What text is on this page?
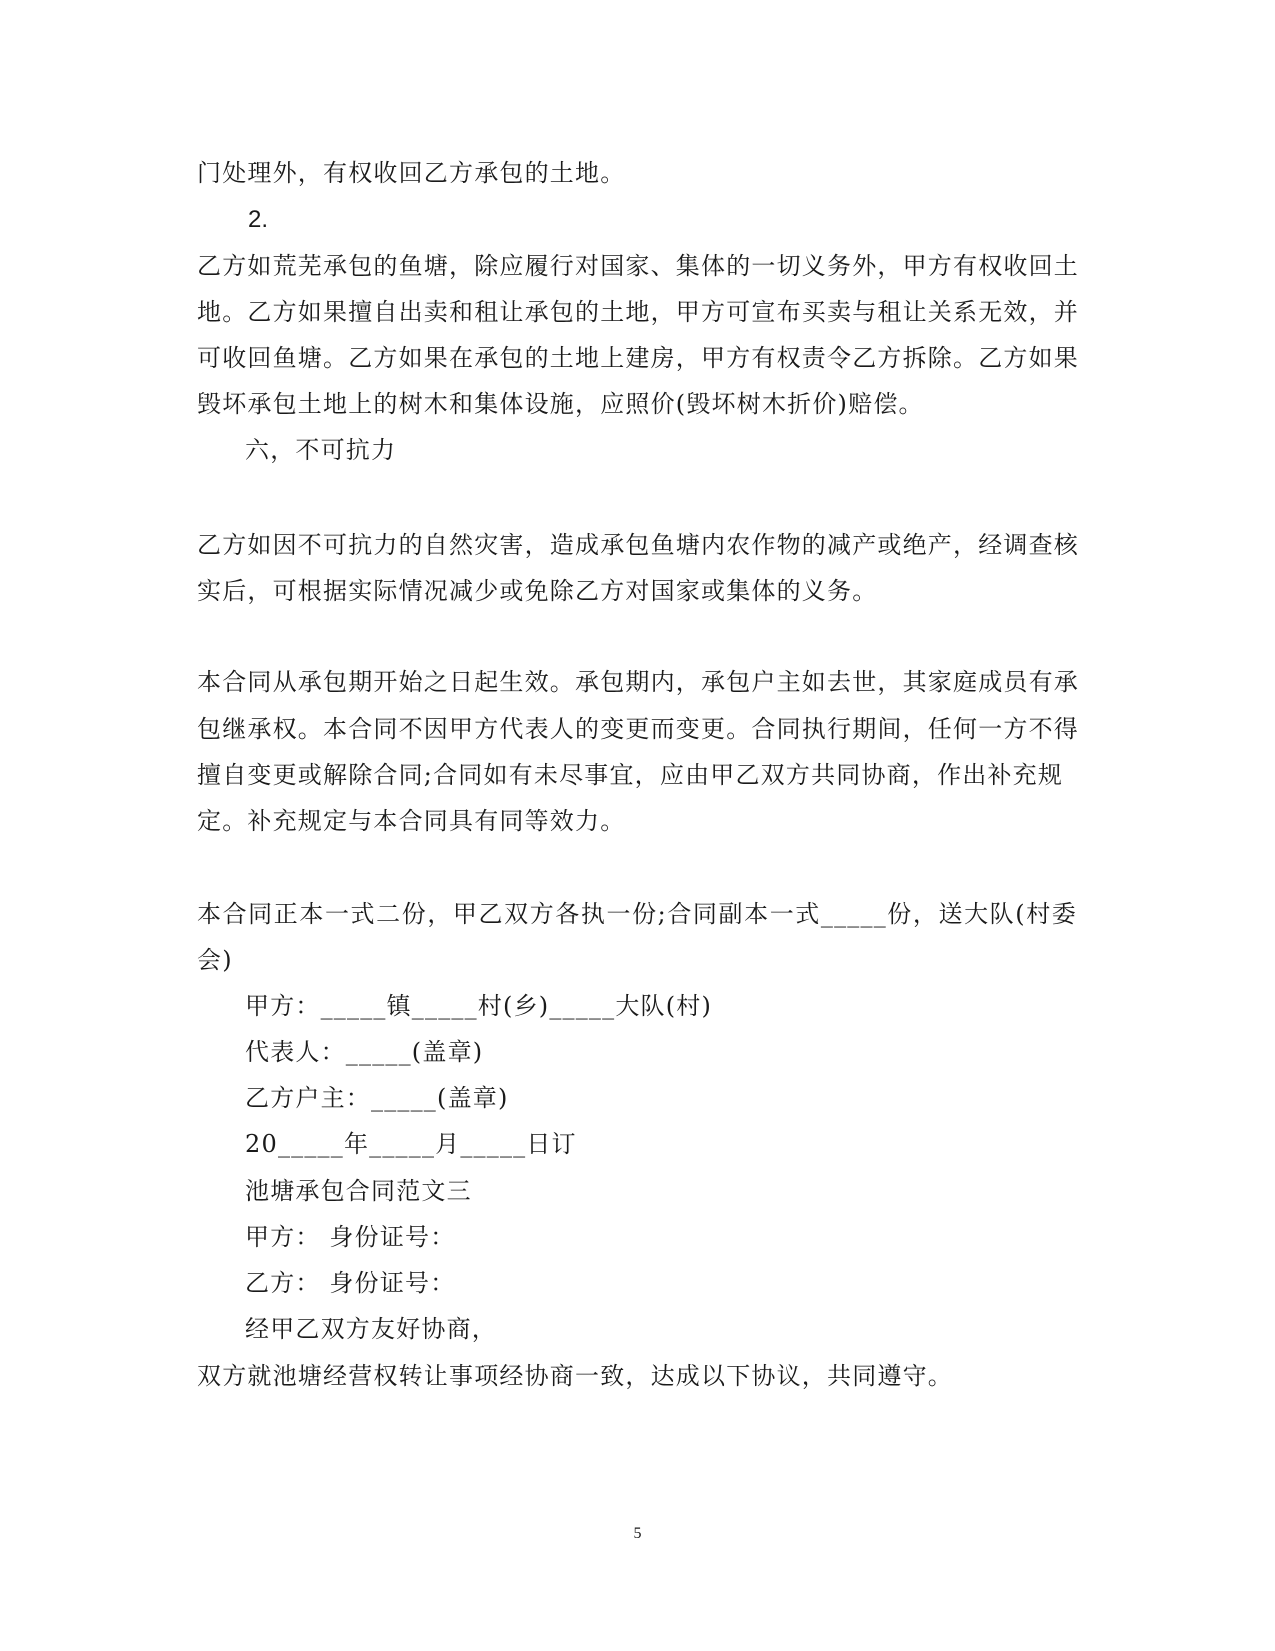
门处理外，有权收回乙方承包的土地。
2.
乙方如荒芜承包的鱼塘，除应履行对国家、集体的一切义务外，甲方有权收回土
地。乙方如果擅自出卖和租让承包的土地，甲方可宣布买卖与租让关系无效，并
可收回鱼塘。乙方如果在承包的土地上建房，甲方有权责令乙方拆除。乙方如果
毁坏承包土地上的树木和集体设施，应照价(毁坏树木折价)赔偿。
六，不可抗力
乙方如因不可抗力的自然灾害，造成承包鱼塘内农作物的减产或绝产，经调查核
实后，可根据实际情况减少或免除乙方对国家或集体的义务。
本合同从承包期开始之日起生效。承包期内，承包户主如去世，其家庭成员有承
包继承权。本合同不因甲方代表人的变更而变更。合同执行期间，任何一方不得
擅自变更或解除合同;合同如有未尽事宜，应由甲乙双方共同协商，作出补充规
定。补充规定与本合同具有同等效力。
本合同正本一式二份，甲乙双方各执一份;合同副本一式_____份，送大队(村委
会)
甲方：_____镇_____村(乡)_____大队(村)
代表人：_____(盖章)
乙方户主：_____(盖章)
20_____年_____月_____日订
池塘承包合同范文三
甲方： 身份证号：
乙方： 身份证号：
经甲乙双方友好协商，
双方就池塘经营权转让事项经协商一致，达成以下协议，共同遵守。
5
